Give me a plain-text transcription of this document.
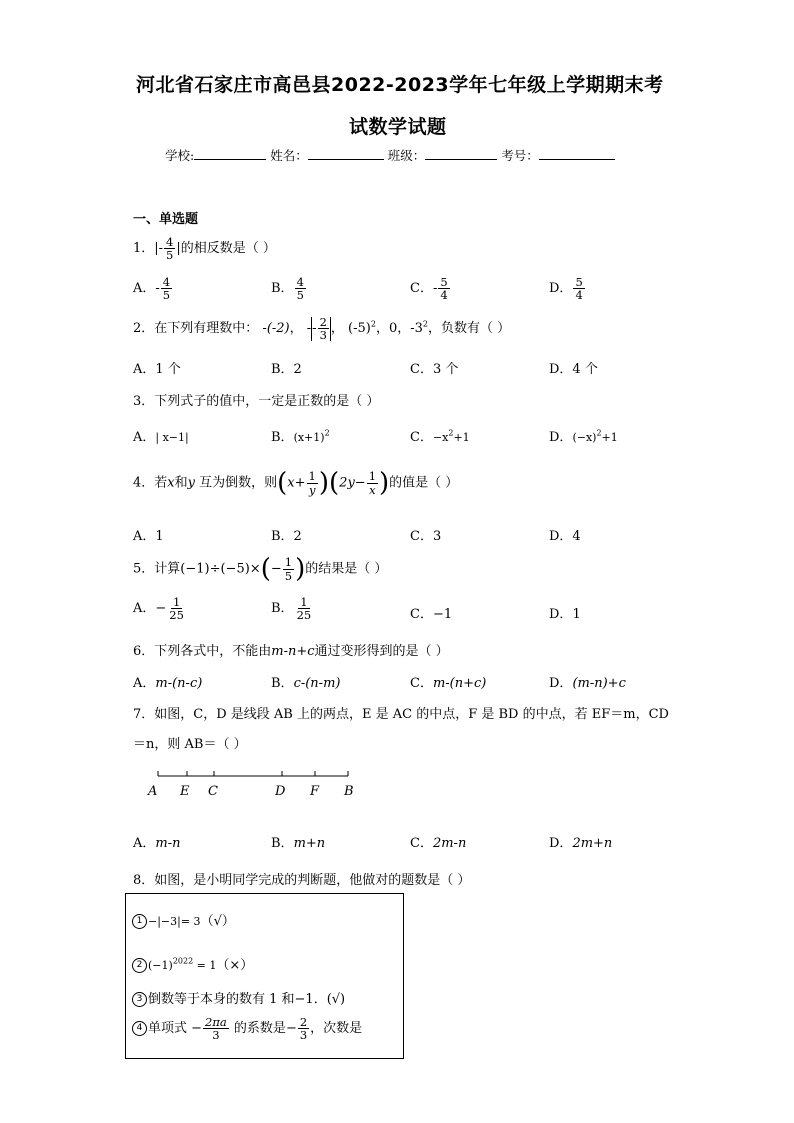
河北省石家庄市高邑县2022-2023学年七年级上学期期末考
试数学试题
学校:	姓名：	班级：	考号：
一、单选题
1．|- $\frac{4}{5}$ |的相反数是（ ）
A．- $\frac{4}{5}$	B． $\frac{4}{5}$	C．- $\frac{5}{4}$	D． $\frac{5}{4}$
2．在下列有理数中： -(-2)， -- $\frac{2}{3}$ ， $(-5)^2$，0，$-3^2$，负数有（ ）
A．1 个	B．2	C．3 个	D．4 个
3．下列式子的值中，一定是正数的是（ ）
A．| x−1|	B．$(x+1)^2$	C．$-x^2+1$	D．$(-x)^2+1$
4．若x和y 互为倒数，则$(x+ \frac{1}{y} )(2y- \frac{1}{x}$ )的值是（ ）
A．1	B．2	C．3	D．4
5．计算$(-1)\div(-5)\times(- \frac{1}{5}$ )的结果是（ ）
A．− $\frac{1}{25}$	B． $\frac{1}{25}$	C．−1	D．1
6．下列各式中，不能由m-n+c通过变形得到的是（ ）
A．m-(n-c)	B．c-(n-m)	C．m-(n+c)	D．(m-n)+c
7．如图，C，D 是线段 AB 上的两点，E 是 AC 的中点，F 是 BD 的中点，若 EF＝m，CD
＝n，则 AB＝（ ）
A E C	D F B
A．m-n	B．m+n	C．2m-n	D．2m+n
8．如图，是小明同学完成的判断题，他做对的题数是（ ）
1 −|−3|= 3（√）
2 $(-1)^{2022} = 1(\times)$
3 倒数等于本身的数有 1 和−1．(√)
4 单项式 − $\frac{2\pi a}{3}$ 的系数是− $\frac{2}{3}$ ，次数是
